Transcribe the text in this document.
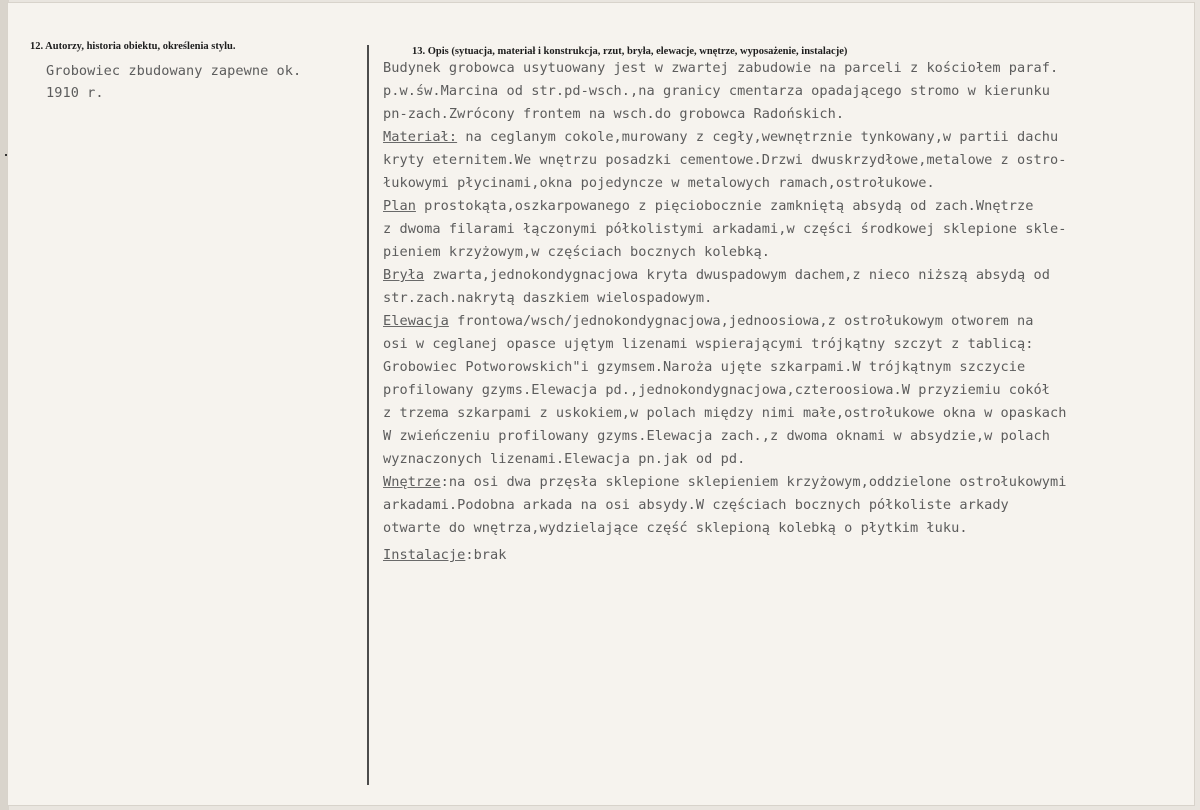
12. Autorzy, historia obiektu, określenia stylu.
Grobowiec zbudowany zapewne ok.
1910 r.
13. Opis (sytuacja, materiał i konstrukcja, rzut, bryła, elewacje, wnętrze, wyposażenie, instalacje)
Budynek grobowca usytuowany jest w zwartej zabudowie na parceli z kościołem paraf.
p.w.św.Marcina od str.pd-wsch.,na granicy cmentarza opadającego stromo w kierunku
pn-zach.Zwrócony frontem na wsch.do grobowca Radońskich.
Materiał: na ceglanym cokole,murowany z cegły,wewnętrznie tynkowany,w partii dachu
kryty eternitem.We wnętrzu posadzki cementowe.Drzwi dwuskrzydłowe,metalowe z ostro-
łukowymi płycinami,okna pojedyncze w metalowych ramach,ostrołukowe.
Plan prostokąta,oszkarpowanego z pięciobocznie zamkniętą absydą od zach.Wnętrze
z dwoma filarami łączonymi półkolistymi arkadami,w części środkowej sklepione skle-
pieniem krzyżowym,w częściach bocznych kolebką.
Bryła zwarta,jednokondygnacjowa kryta dwuspadowym dachem,z nieco niższą absydą od
str.zach.nakrytą daszkiem wielospadowym.
Elewacja frontowa/wsch/jednokondygnacjowa,jednoosiowa,z ostrołukowym otworem na
osi w ceglanej opasce ujętym lizenami wspierającymi trójkątny szczyt z tablicą:
Grobowiec Potworowskich"i gzymsem.Naroża ujęte szkarpami.W trójkątnym szczycie
profilowany gzyms.Elewacja pd.,jednokondygnacjowa,czteroosiowa.W przyziemiu cokół
z trzema szkarpami z uskokiem,w polach między nimi małe,ostrołukowe okna w opaskach
W zwieńczeniu profilowany gzyms.Elewacja zach.,z dwoma oknami w absydzie,w polach
wyznaczonych lizenami.Elewacja pn.jak od pd.
Wnętrze:na osi dwa przęsła sklepione sklepieniem krzyżowym,oddzielone ostrołukowymi
arkadami.Podobna arkada na osi absydy.W częściach bocznych półkoliste arkady
otwarte do wnętrza,wydzielające część sklepioną kolebką o płytkim łuku.
Instalacje:brak
